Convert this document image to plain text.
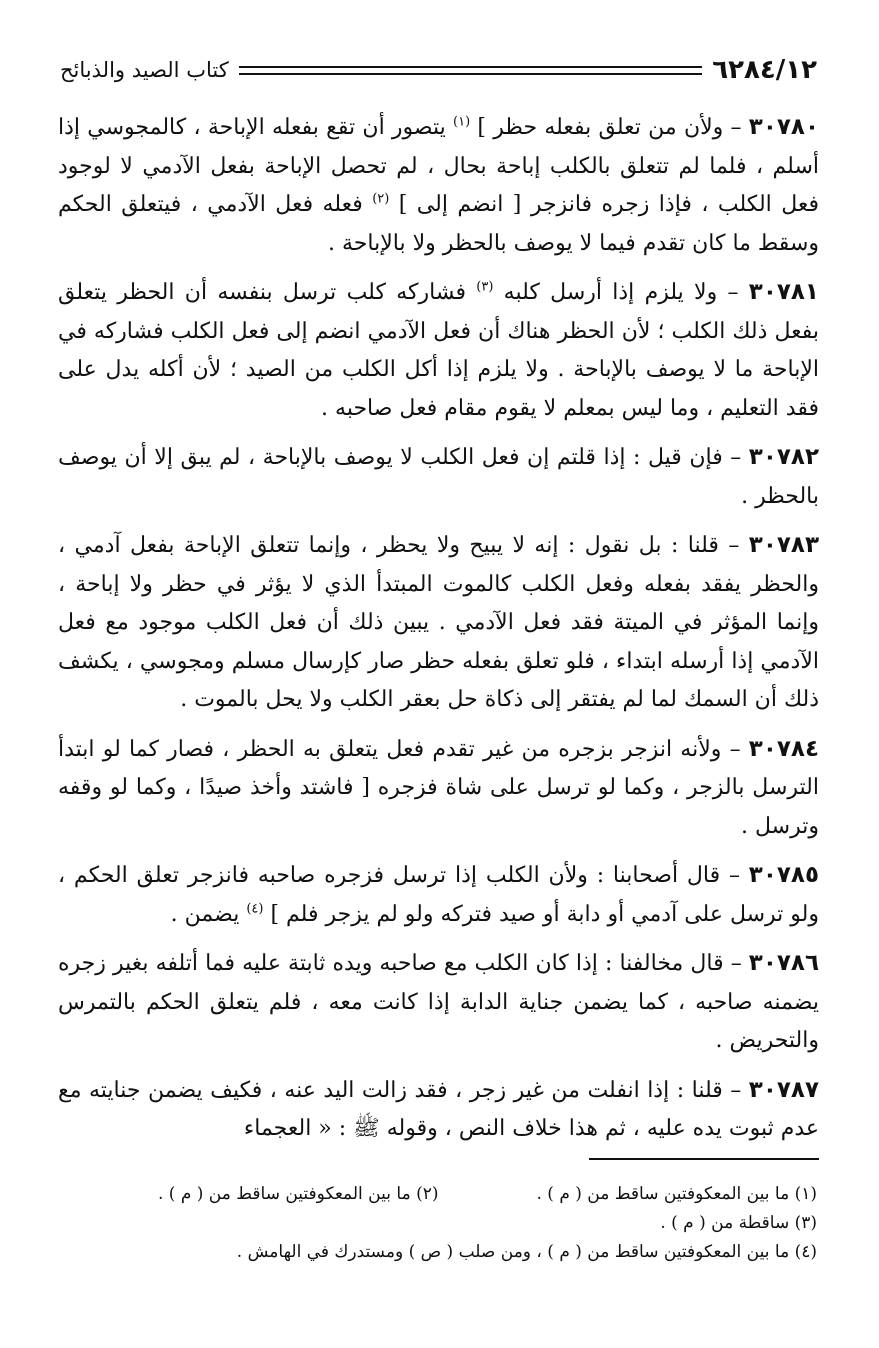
٦٢٨٤/١٢
كتاب الصيد والذبائح

٣٠٧٨٠ – ولأن من تعلق بفعله حظر ] $^{(١)}$ يتصور أن تقع بفعله الإباحة ، كالمجوسي إذا أسلم ، فلما لم تتعلق بالكلب إباحة بحال ، لم تحصل الإباحة بفعل الآدمي لا لوجود فعل الكلب ، فإذا زجره فانزجر [ انضم إلى ] $^{(٢)}$ فعله فعل الآدمي ، فيتعلق الحكم وسقط ما كان تقدم فيما لا يوصف بالحظر ولا بالإباحة .

٣٠٧٨١ – ولا يلزم إذا أرسل كلبه $^{(٣)}$ فشاركه كلب ترسل بنفسه أن الحظر يتعلق بفعل ذلك الكلب ؛ لأن الحظر هناك أن فعل الآدمي انضم إلى فعل الكلب فشاركه في الإباحة ما لا يوصف بالإباحة . ولا يلزم إذا أكل الكلب من الصيد ؛ لأن أكله يدل على فقد التعليم ، وما ليس بمعلم لا يقوم مقام فعل صاحبه .

٣٠٧٨٢ – فإن قيل : إذا قلتم إن فعل الكلب لا يوصف بالإباحة ، لم يبق إلا أن يوصف بالحظر .

٣٠٧٨٣ – قلنا : بل نقول : إنه لا يبيح ولا يحظر ، وإنما تتعلق الإباحة بفعل آدمي ، والحظر يفقد بفعله وفعل الكلب كالموت المبتدأ الذي لا يؤثر في حظر ولا إباحة ، وإنما المؤثر في الميتة فقد فعل الآدمي . يبين ذلك أن فعل الكلب موجود مع فعل الآدمي إذا أرسله ابتداء ، فلو تعلق بفعله حظر صار كإرسال مسلم ومجوسي ، يكشف ذلك أن السمك لما لم يفتقر إلى ذكاة حل بعقر الكلب ولا يحل بالموت .

٣٠٧٨٤ – ولأنه انزجر بزجره من غير تقدم فعل يتعلق به الحظر ، فصار كما لو ابتدأ الترسل بالزجر ، وكما لو ترسل على شاة فزجره [ فاشتد وأخذ صيدًا ، وكما لو وقفه وترسل .

٣٠٧٨٥ – قال أصحابنا : ولأن الكلب إذا ترسل فزجره صاحبه فانزجر تعلق الحكم ، ولو ترسل على آدمي أو دابة أو صيد فتركه ولو لم يزجر فلم ] $^{(٤)}$ يضمن .

٣٠٧٨٦ – قال مخالفنا : إذا كان الكلب مع صاحبه ويده ثابتة عليه فما أتلفه بغير زجره يضمنه صاحبه ، كما يضمن جناية الدابة إذا كانت معه ، فلم يتعلق الحكم بالتمرس والتحريض .

٣٠٧٨٧ – قلنا : إذا انفلت من غير زجر ، فقد زالت اليد عنه ، فكيف يضمن جنايته مع عدم ثبوت يده عليه ، ثم هذا خلاف النص ، وقوله ﷺ : « العجماء

(١) ما بين المعكوفتين ساقط من ( م ) .
(٢) ما بين المعكوفتين ساقط من ( م ) .
(٣) ساقطة من ( م ) .
(٤) ما بين المعكوفتين ساقط من ( م ) ، ومن صلب ( ص ) ومستدرك في الهامش .
